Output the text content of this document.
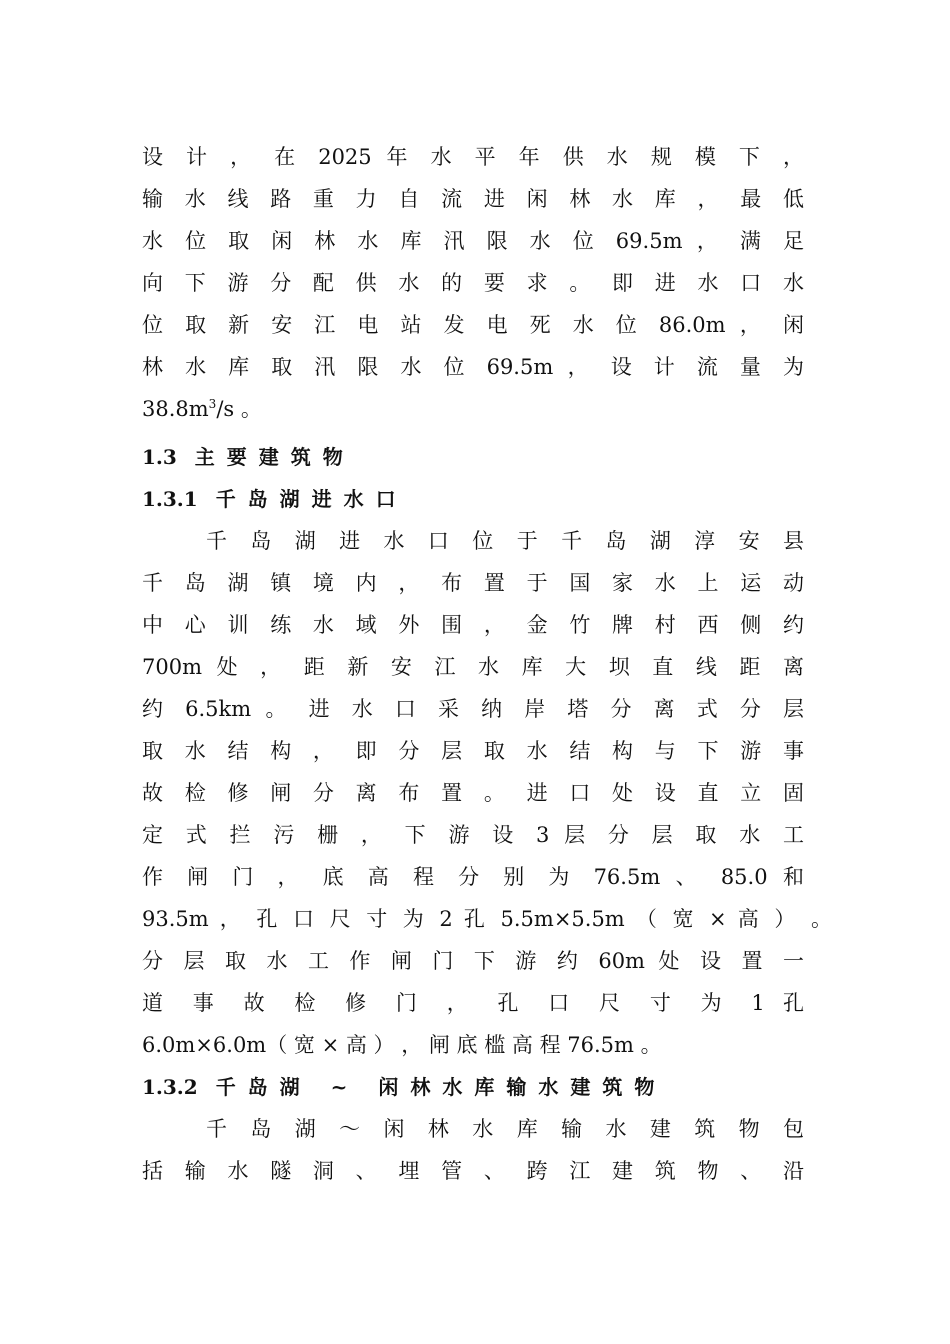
设 计 ， 在 2025 年 水 平 年 供 水 规 模 下 ，
输 水 线 路 重 力 自 流 进 闲 林 水 库 ， 最 低
水 位 取 闲 林 水 库 汛 限 水 位 69.5m ， 满 足
向 下 游 分 配 供 水 的 要 求 。 即 进 水 口 水
位 取 新 安 江 电 站 发 电 死 水 位 86.0m ， 闲
林 水 库 取 汛 限 水 位 69.5m ， 设 计 流 量 为
$38.8m^3/s$ 。
1.3 主要建筑物
1.3.1 千岛湖进水口
千 岛 湖 进 水 口 位 于 千 岛 湖 淳 安 县
千 岛 湖 镇 境 内 ， 布 置 于 国 家 水 上 运 动
中 心 训 练 水 域 外 围 ， 金 竹 牌 村 西 侧 约
700m 处 ， 距 新 安 江 水 库 大 坝 直 线 距 离
约 6.5km 。 进 水 口 采 纳 岸 塔 分 离 式 分 层
取 水 结 构 ， 即 分 层 取 水 结 构 与 下 游 事
故 检 修 闸 分 离 布 置 。 进 口 处 设 直 立 固
定 式 拦 污 栅 ， 下 游 设 3 层 分 层 取 水 工
作 闸 门 ， 底 高 程 分 别 为 76.5m 、 85.0 和
93.5m ， 孔 口 尺 寸 为 2 孔 5.5m×5.5m （ 宽 × 高 ） 。
分 层 取 水 工 作 闸 门 下 游 约 60m 处 设 置 一
道 事 故 检 修 门 ， 孔 口 尺 寸 为 1 孔
6.0m×6.0m（ 宽 × 高 ） ， 闸 底 槛 高 程 76.5m 。
1.3.2 千岛湖 ~ 闲林水库输水建筑物
千 岛 湖 ～ 闲 林 水 库 输 水 建 筑 物 包
括 输 水 隧 洞 、 埋 管 、 跨 江 建 筑 物 、 沿
